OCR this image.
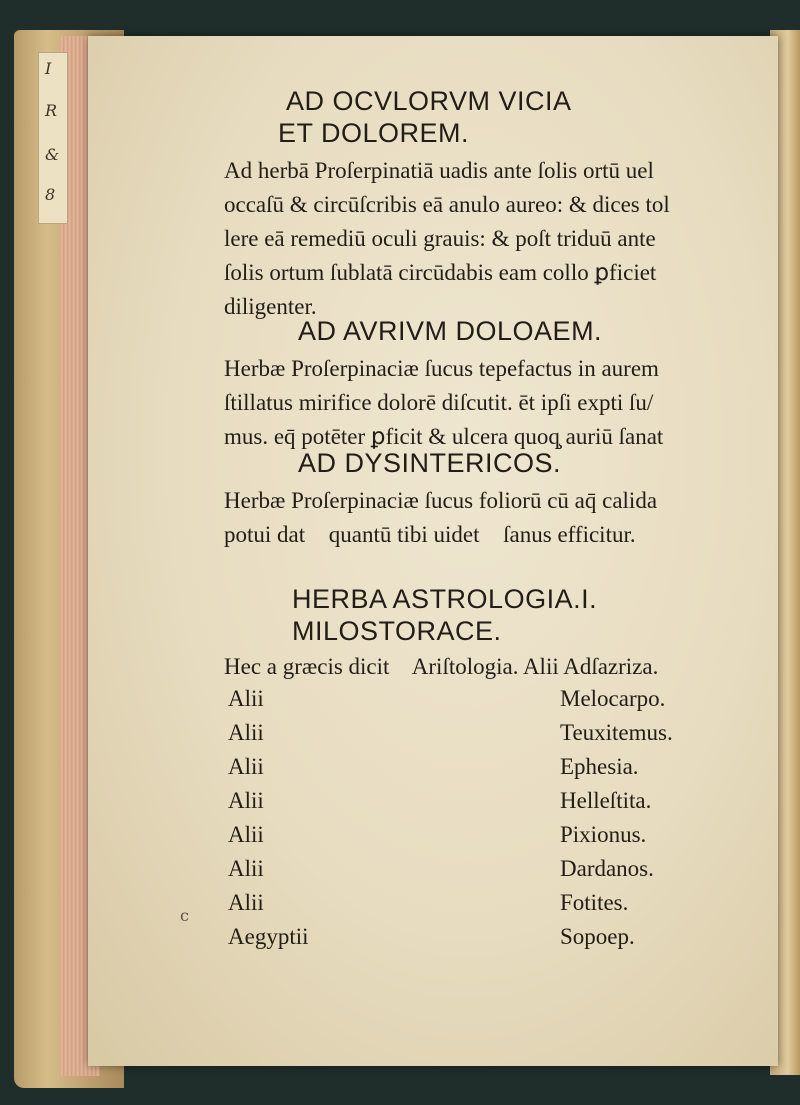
I
R
&
8
AD OCVLORVM VICIA
ET DOLOREM.
Ad herbā Proſerpinatiā uadis ante ſolis ortū uel
occaſū & circūſcribis eā anulo aureo: & dices tol
lere eā remediū oculi grauis: & poſt triduū ante
ſolis ortum ſublatā circūdabis eam collo ꝑficiet
diligenter.
AD AVRIVM DOLOAEM.
Herbæ Proſerpinaciæ ſucus tepefactus in aurem
ſtillatus mirifice dolorē diſcutit. ēt ipſi expti ſu/
mus. eq̄ potēter ꝑficit & ulcera quoq̧ auriū ſanat
AD DYSINTERICOS.
Herbæ Proſerpinaciæ ſucus foliorū cū aq̄ calida
potui datᷣ quantū tibi uidetᷣ ſanus efficitur.
HERBA ASTROLOGIA.I.
MILOSTORACE.
Hec a græcis dicitᷣ Ariſtologia. Alii Adſazriza.
Alii	Melocarpo.
Alii	Teuxitemus.
Alii	Ephesia.
Alii	Helleſtita.
Alii	Pixionus.
Alii	Dardanos.
Alii	Fotites.
Aegyptii	Sopoep.
c
